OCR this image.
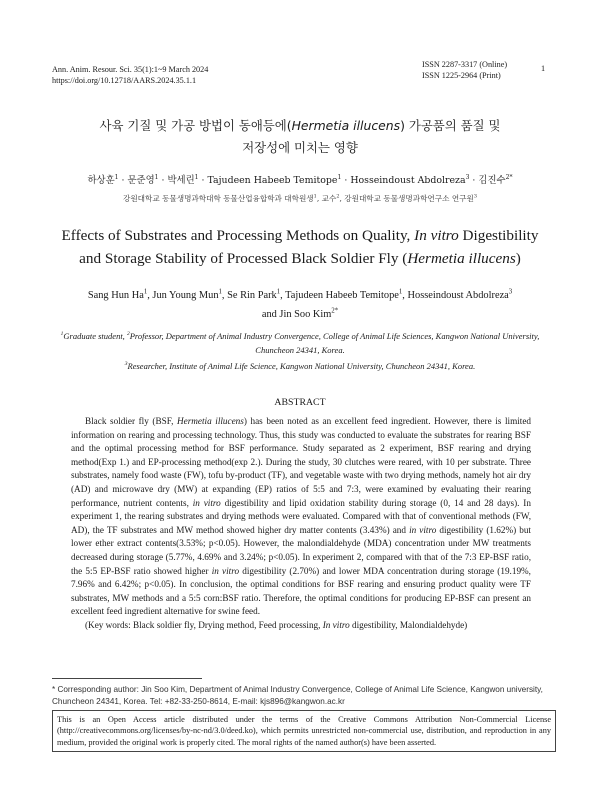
Ann. Anim. Resour. Sci. 35(1):1~9 March 2024
https://doi.org/10.12718/AARS.2024.35.1.1
ISSN 2287-3317 (Online)
ISSN 1225-2964 (Print)
1
사육 기질 및 가공 방법이 동애등에(Hermetia illucens) 가공품의 품질 및
저장성에 미치는 영향
하상훈$^1$ · 문준영$^1$ · 박세린$^1$ · Tajudeen Habeeb Temitope$^1$ · Hosseindoust Abdolreza$^3$ · 김진수$^{2*}$
강원대학교 동물생명과학대학 동물산업융합학과 대학원생$^1$, 교수$^2$, 강원대학교 동물생명과학연구소 연구원$^3$
Effects of Substrates and Processing Methods on Quality, In vitro Digestibility
and Storage Stability of Processed Black Soldier Fly (Hermetia illucens)
Sang Hun Ha$^1$, Jun Young Mun$^1$, Se Rin Park$^1$, Tajudeen Habeeb Temitope$^1$, Hosseindoust Abdolreza$^3$
and Jin Soo Kim$^{2*}$
$^1$Graduate student, $^2$Professor, Department of Animal Industry Convergence, College of Animal Life Sciences, Kangwon National University, Chuncheon 24341, Korea.
$^3$Researcher, Institute of Animal Life Science, Kangwon National University, Chuncheon 24341, Korea.
ABSTRACT

Black soldier fly (BSF, Hermetia illucens) has been noted as an excellent feed ingredient. However, there is limited information on rearing and processing technology. Thus, this study was conducted to evaluate the substrates for rearing BSF and the optimal processing method for BSF performance. Study separated as 2 experiment, BSF rearing and drying method(Exp 1.) and EP-processing method(exp 2.). During the study, 30 clutches were reared, with 10 per substrate. Three substrates, namely food waste (FW), tofu by-product (TF), and vegetable waste with two drying methods, namely hot air dry (AD) and microwave dry (MW) at expanding (EP) ratios of 5:5 and 7:3, were examined by evaluating their rearing performance, nutrient contents, in vitro digestibility and lipid oxidation stability during storage (0, 14 and 28 days). In experiment 1, the rearing substrates and drying methods were evaluated. Compared with that of conventional methods (FW, AD), the TF substrates and MW method showed higher dry matter contents (3.43%) and in vitro digestibility (1.62%) but lower ether extract contents(3.53%; p<0.05). However, the malondialdehyde (MDA) concentration under MW treatments decreased during storage (5.77%, 4.69% and 3.24%; p<0.05). In experiment 2, compared with that of the 7:3 EP-BSF ratio, the 5:5 EP-BSF ratio showed higher in vitro digestibility (2.70%) and lower MDA concentration during storage (19.19%, 7.96% and 6.42%; p<0.05). In conclusion, the optimal conditions for BSF rearing and ensuring product quality were TF substrates, MW methods and a 5:5 corn:BSF ratio. Therefore, the optimal conditions for producing EP-BSF can present an excellent feed ingredient alternative for swine feed.

(Key words: Black soldier fly, Drying method, Feed processing, In vitro digestibility, Malondialdehyde)

* Corresponding author: Jin Soo Kim, Department of Animal Industry Convergence, College of Animal Life Science, Kangwon university, Chuncheon 24341, Korea. Tel: +82-33-250-8614, E-mail: kjs896@kangwon.ac.kr
This is an Open Access article distributed under the terms of the Creative Commons Attribution Non-Commercial License (http://creativecommons.org/licenses/by-nc-nd/3.0/deed.ko), which permits unrestricted non-commercial use, distribution, and reproduction in any medium, provided the original work is properly cited. The moral rights of the named author(s) have been asserted.
